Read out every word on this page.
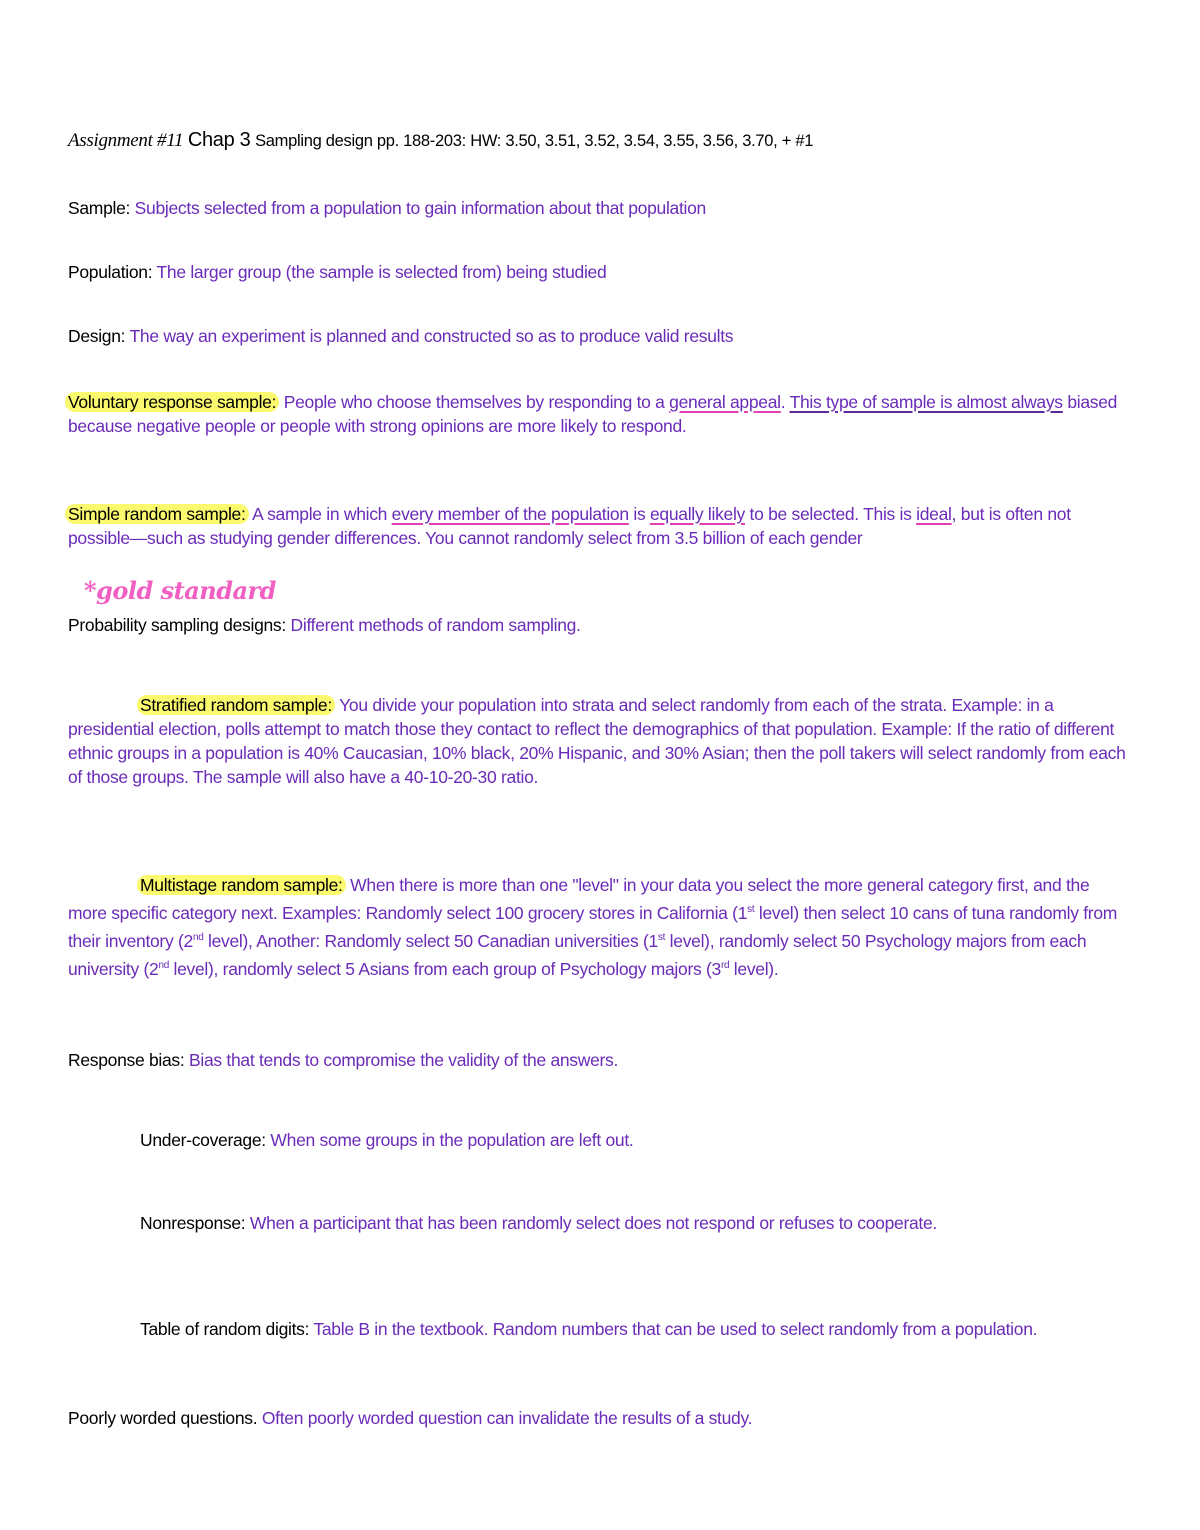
Assignment #11 Chap 3 Sampling design pp. 188-203: HW: 3.50, 3.51, 3.52, 3.54, 3.55, 3.56, 3.70, + #1
Sample: Subjects selected from a population to gain information about that population
Population: The larger group (the sample is selected from) being studied
Design: The way an experiment is planned and constructed so as to produce valid results
Voluntary response sample: People who choose themselves by responding to a general appeal. This type of sample is almost always biased because negative people or people with strong opinions are more likely to respond.
Simple random sample: A sample in which every member of the population is equally likely to be selected. This is ideal, but is often not possible—such as studying gender differences. You cannot randomly select from 3.5 billion of each gender
*gold standard
Probability sampling designs: Different methods of random sampling.
Stratified random sample: You divide your population into strata and select randomly from each of the strata. Example: in a presidential election, polls attempt to match those they contact to reflect the demographics of that population. Example: If the ratio of different ethnic groups in a population is 40% Caucasian, 10% black, 20% Hispanic, and 30% Asian; then the poll takers will select randomly from each of those groups. The sample will also have a 40-10-20-30 ratio.
Multistage random sample: When there is more than one "level" in your data you select the more general category first, and the more specific category next. Examples: Randomly select 100 grocery stores in California (1st level) then select 10 cans of tuna randomly from their inventory (2nd level), Another: Randomly select 50 Canadian universities (1st level), randomly select 50 Psychology majors from each university (2nd level), randomly select 5 Asians from each group of Psychology majors (3rd level).
Response bias: Bias that tends to compromise the validity of the answers.
Under-coverage: When some groups in the population are left out.
Nonresponse: When a participant that has been randomly select does not respond or refuses to cooperate.
Table of random digits: Table B in the textbook. Random numbers that can be used to select randomly from a population.
Poorly worded questions. Often poorly worded question can invalidate the results of a study.
